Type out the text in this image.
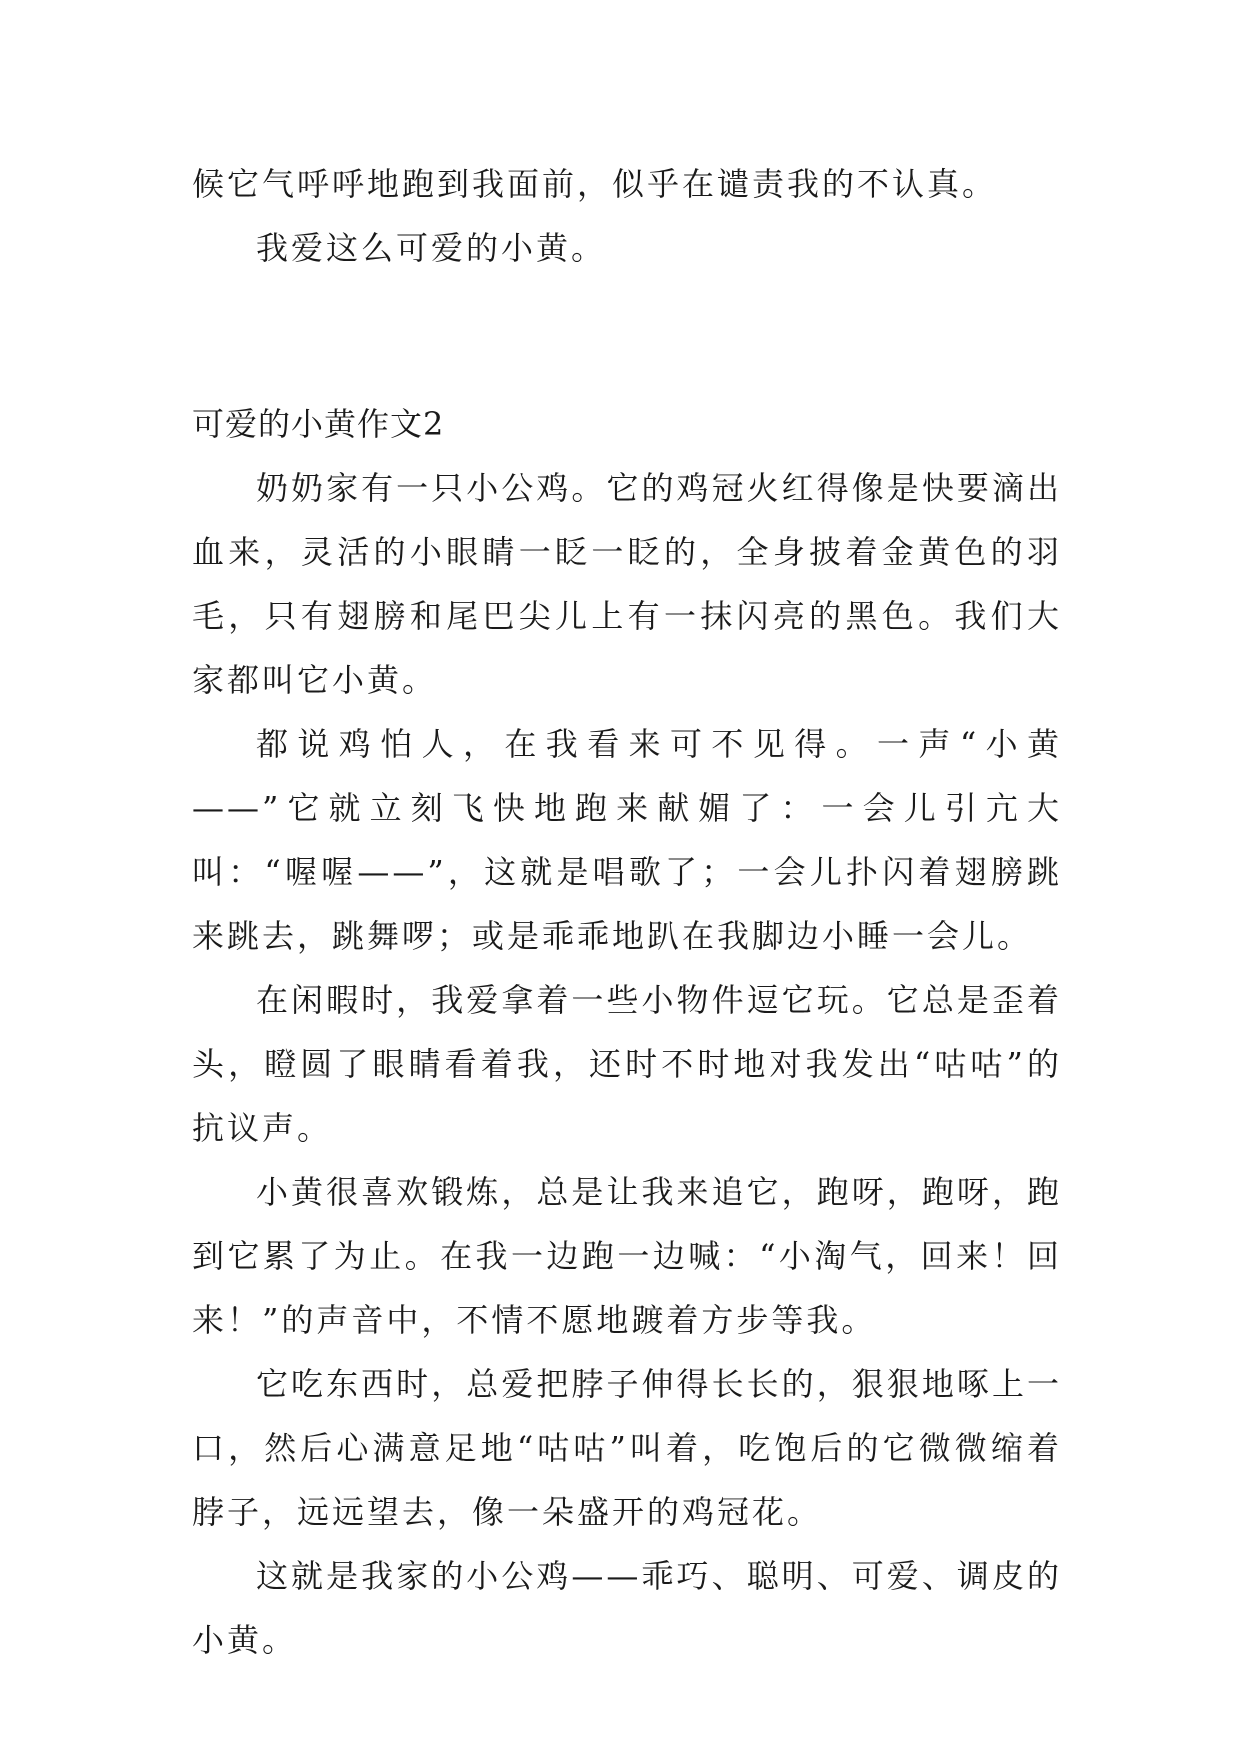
候它气呼呼地跑到我面前，似乎在谴责我的不认真。

我爱这么可爱的小黄。

可爱的小黄作文2

奶奶家有一只小公鸡。它的鸡冠火红得像是快要滴出血来，灵活的小眼睛一眨一眨的，全身披着金黄色的羽毛，只有翅膀和尾巴尖儿上有一抹闪亮的黑色。我们大家都叫它小黄。

都说鸡怕人，在我看来可不见得。一声“小黄——”它就立刻飞快地跑来献媚了：一会儿引亢大叫：“喔喔——”，这就是唱歌了；一会儿扑闪着翅膀跳来跳去，跳舞啰；或是乖乖地趴在我脚边小睡一会儿。

在闲暇时，我爱拿着一些小物件逗它玩。它总是歪着头，瞪圆了眼睛看着我，还时不时地对我发出“咕咕”的抗议声。

小黄很喜欢锻炼，总是让我来追它，跑呀，跑呀，跑到它累了为止。在我一边跑一边喊：“小淘气，回来！回来！”的声音中，不情不愿地踱着方步等我。

它吃东西时，总爱把脖子伸得长长的，狠狠地啄上一口，然后心满意足地“咕咕”叫着，吃饱后的它微微缩着脖子，远远望去，像一朵盛开的鸡冠花。

这就是我家的小公鸡——乖巧、聪明、可爱、调皮的小黄。
